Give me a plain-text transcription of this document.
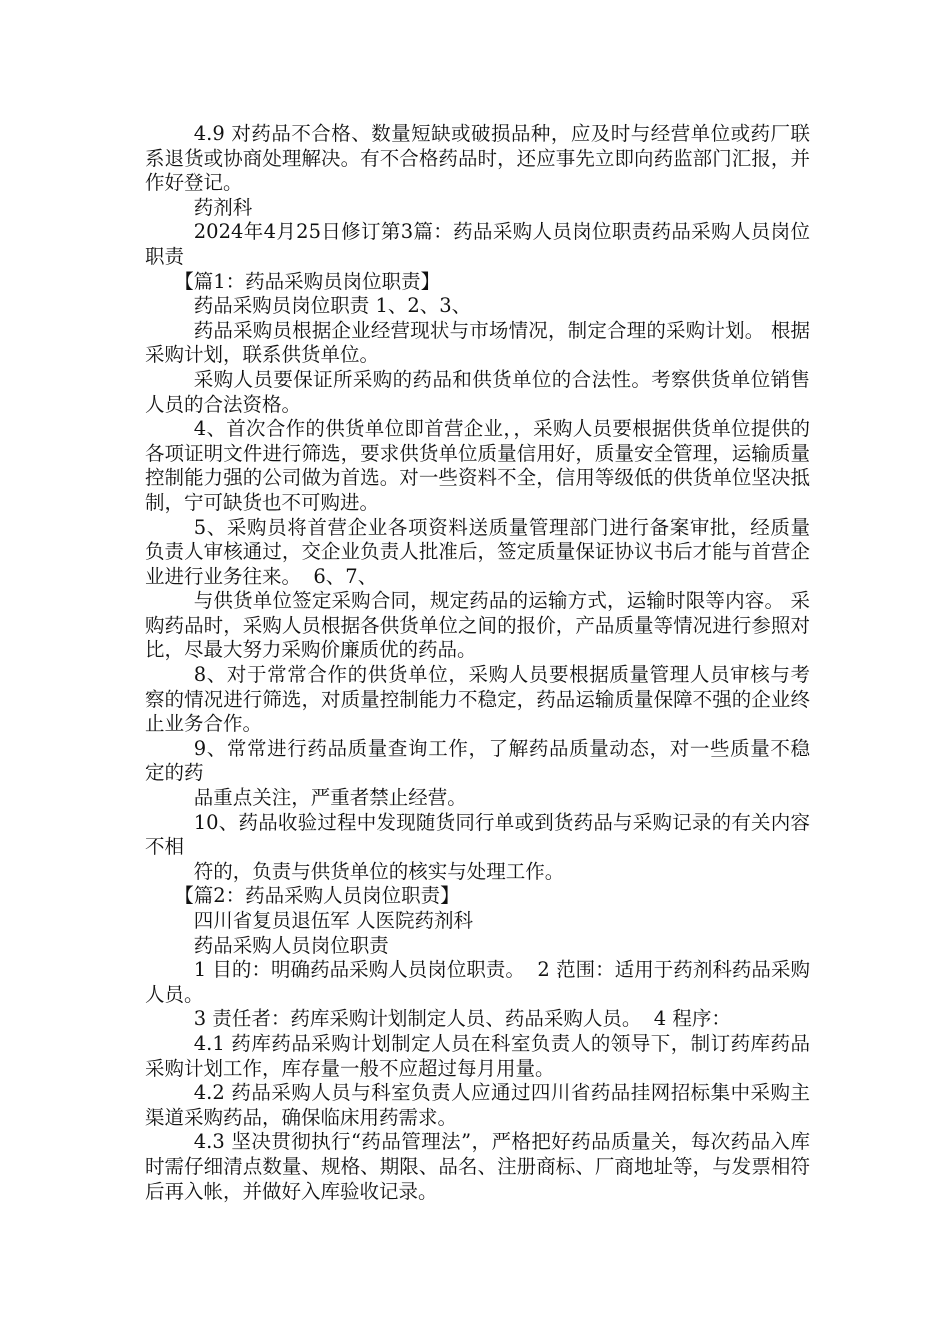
4.9 对药品不合格、数量短缺或破损品种，应及时与经营单位或药厂联系退货或协商处理解决。有不合格药品时，还应事先立即向药监部门汇报，并作好登记。

药剂科

2024年4月25日修订第3篇：药品采购人员岗位职责药品采购人员岗位职责

【篇1：药品采购员岗位职责】

药品采购员岗位职责 1、2、3、

药品采购员根据企业经营现状与市场情况，制定合理的采购计划。 根据采购计划，联系供货单位。

采购人员要保证所采购的药品和供货单位的合法性。考察供货单位销售人员的合法资格。

4、首次合作的供货单位即首营企业，，采购人员要根据供货单位提供的各项证明文件进行筛选，要求供货单位质量信用好，质量安全管理，运输质量控制能力强的公司做为首选。对一些资料不全，信用等级低的供货单位坚决抵制，宁可缺货也不可购进。

5、采购员将首营企业各项资料送质量管理部门进行备案审批，经质量负责人审核通过，交企业负责人批准后，签定质量保证协议书后才能与首营企业进行业务往来。  6、7、

与供货单位签定采购合同，规定药品的运输方式，运输时限等内容。 采购药品时，采购人员根据各供货单位之间的报价，产品质量等情况进行参照对比，尽最大努力采购价廉质优的药品。

8、对于常常合作的供货单位，采购人员要根据质量管理人员审核与考察的情况进行筛选，对质量控制能力不稳定，药品运输质量保障不强的企业终止业务合作。

9、常常进行药品质量查询工作，了解药品质量动态，对一些质量不稳定的药

品重点关注，严重者禁止经营。

10、药品收验过程中发现随货同行单或到货药品与采购记录的有关内容不相

符的，负责与供货单位的核实与处理工作。

【篇2：药品采购人员岗位职责】

四川省复员退伍军 人医院药剂科

药品采购人员岗位职责

1 目的：明确药品采购人员岗位职责。  2 范围：适用于药剂科药品采购人员。

3 责任者：药库采购计划制定人员、药品采购人员。  4 程序：

4.1 药库药品采购计划制定人员在科室负责人的领导下，制订药库药品采购计划工作，库存量一般不应超过每月用量。

4.2 药品采购人员与科室负责人应通过四川省药品挂网招标集中采购主渠道采购药品，确保临床用药需求。

4.3 坚决贯彻执行“药品管理法”，严格把好药品质量关，每次药品入库时需仔细清点数量、规格、期限、品名、注册商标、厂商地址等，与发票相符后再入帐，并做好入库验收记录。
